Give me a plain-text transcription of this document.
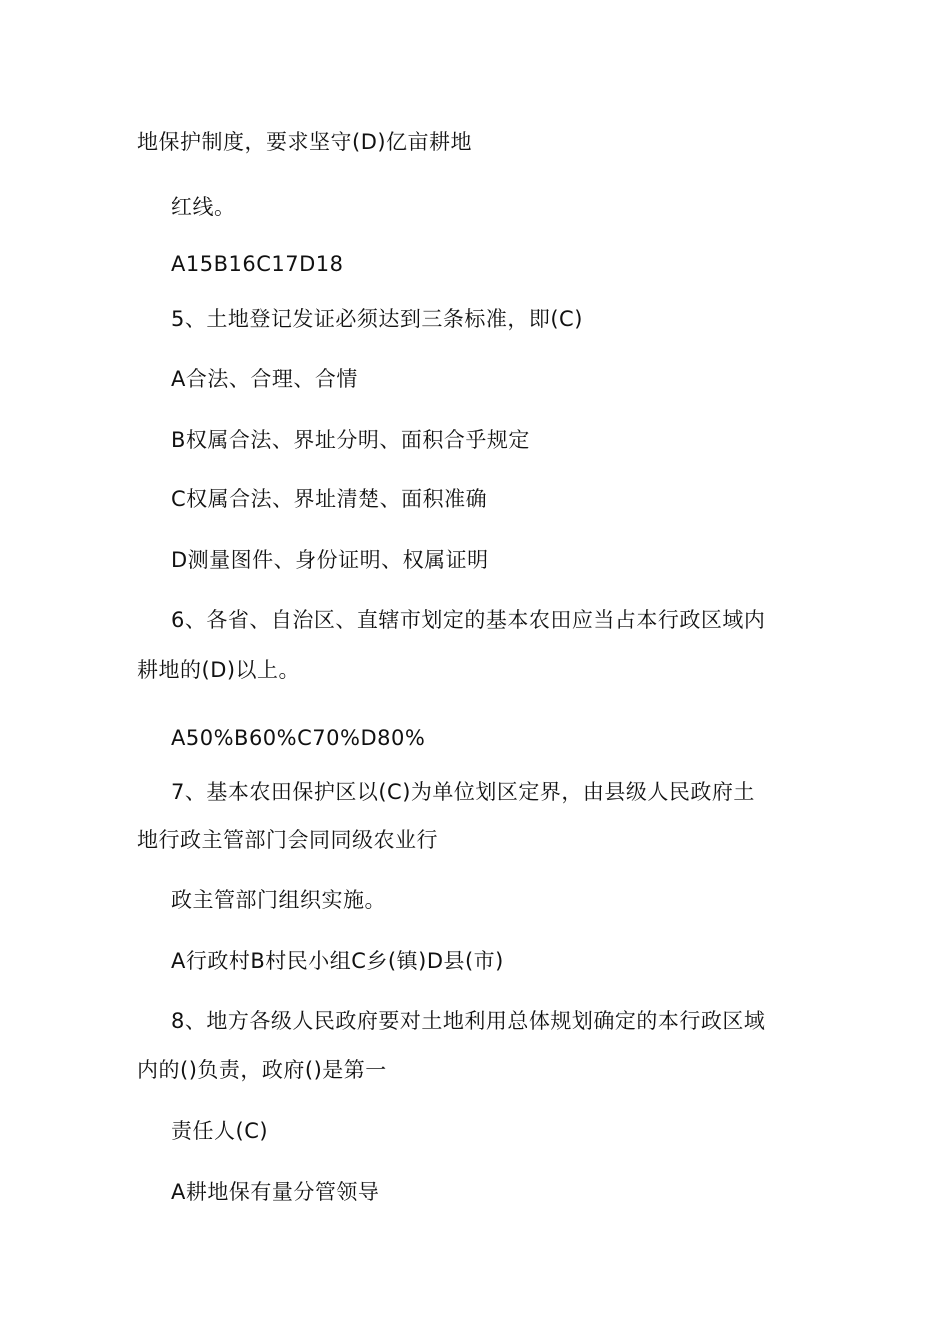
地保护制度，要求坚守(D)亿亩耕地
红线。
A15B16C17D18
5、土地登记发证必须达到三条标准，即(C)
A合法、合理、合情
B权属合法、界址分明、面积合乎规定
C权属合法、界址清楚、面积准确
D测量图件、身份证明、权属证明
6、各省、自治区、直辖市划定的基本农田应当占本行政区域内
耕地的(D)以上。
A50%B60%C70%D80%
7、基本农田保护区以(C)为单位划区定界，由县级人民政府土
地行政主管部门会同同级农业行
政主管部门组织实施。
A行政村B村民小组C乡(镇)D县(市)
8、地方各级人民政府要对土地利用总体规划确定的本行政区域
内的()负责，政府()是第一
责任人(C)
A耕地保有量分管领导
